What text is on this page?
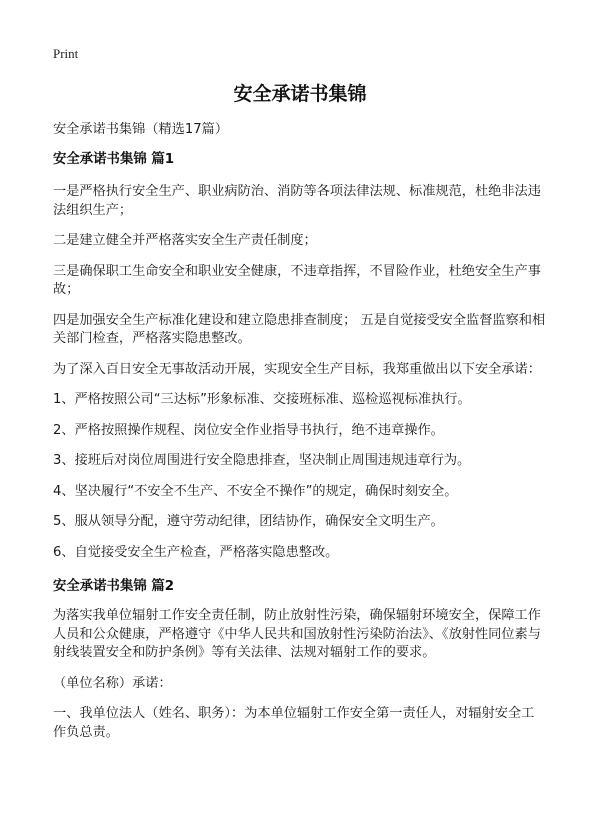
Print

安全承诺书集锦

安全承诺书集锦（精选17篇）

安全承诺书集锦 篇1

一是严格执行安全生产、职业病防治、消防等各项法律法规、标准规范，杜绝非法违法组织生产；

二是建立健全并严格落实安全生产责任制度；

三是确保职工生命安全和职业安全健康，不违章指挥，不冒险作业，杜绝安全生产事故；

四是加强安全生产标准化建设和建立隐患排查制度； 五是自觉接受安全监督监察和相关部门检查，严格落实隐患整改。

为了深入百日安全无事故活动开展，实现安全生产目标，我郑重做出以下安全承诺：

1、严格按照公司“三达标”形象标准、交接班标准、巡检巡视标准执行。

2、严格按照操作规程、岗位安全作业指导书执行，绝不违章操作。

3、接班后对岗位周围进行安全隐患排查，坚决制止周围违规违章行为。

4、坚决履行“不安全不生产、不安全不操作”的规定，确保时刻安全。

5、服从领导分配，遵守劳动纪律，团结协作，确保安全文明生产。

6、自觉接受安全生产检查，严格落实隐患整改。

安全承诺书集锦 篇2

为落实我单位辐射工作安全责任制，防止放射性污染，确保辐射环境安全，保障工作人员和公众健康，严格遵守《中华人民共和国放射性污染防治法》、《放射性同位素与射线装置安全和防护条例》等有关法律、法规对辐射工作的要求。

（单位名称）承诺：

一、我单位法人（姓名、职务）：为本单位辐射工作安全第一责任人，对辐射安全工作负总责。
